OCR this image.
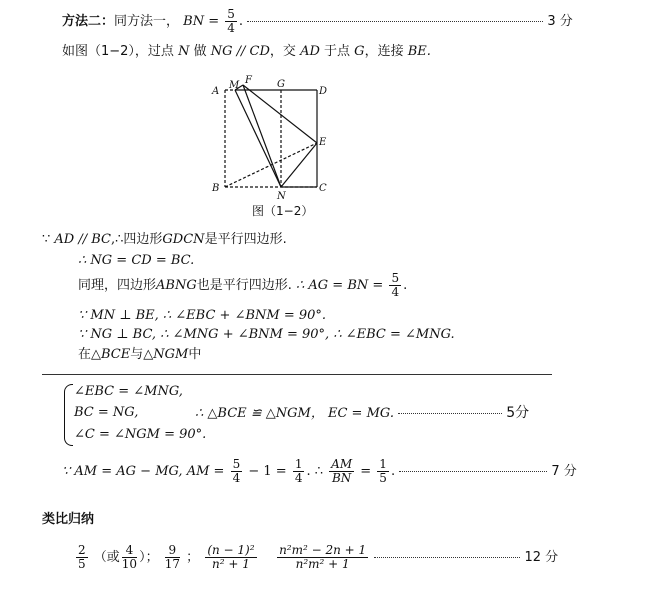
方法二：同方法一， BN = $\frac{5}{4}$ .	3 分
如图（1−2），过点 N 做 NG // CD，交 AD 于点 G，连接 BE.
A
M F	G
D
E
B
N
C
图（1−2）
∵ AD // BC,∴四边形GDCN是平行四边形.
∴ NG = CD = BC.
同理，四边形ABNG也是平行四边形. ∴ AG = BN = $\frac{5}{4}$ .
∵ MN ⊥ BE, ∴ ∠EBC + ∠BNM = 90°.
∵ NG ⊥ BC, ∴ ∠MNG + ∠BNM = 90°, ∴ ∠EBC = ∠MNG.
在△BCE与△NGM中
∠EBC = ∠MNG,
BC = NG,
∠C = ∠NGM = 90°.
∴ △BCE ≌ △NGM， EC = MG.	5分
∵ AM = AG − MG, AM = $\frac{5}{4} - 1 = \frac{1}{4}$ . ∴ $\frac{AM}{BN} = \frac{1}{5}$ .	7 分
类比归纳
$\frac{2}{5}$ （或 $\frac{4}{10}$ ）； $\frac{9}{17}$ ； $\frac{\text{(n − 1)²}}{\text{n² + 1}}$
$\frac{\text{n²m² − 2n + 1}}{\text{n²m² + 1}}$	12 分
